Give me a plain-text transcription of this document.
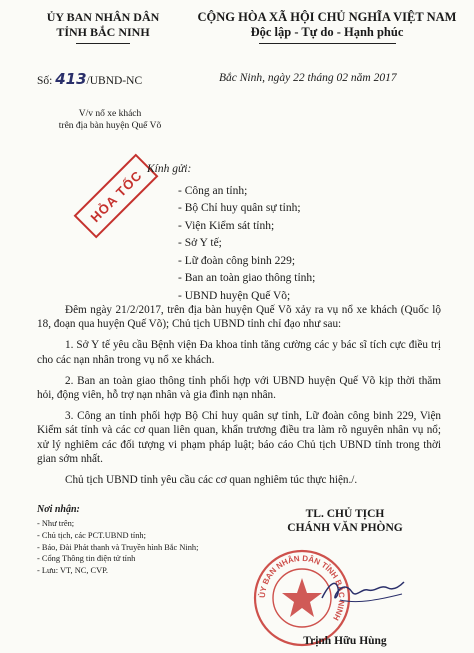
ỦY BAN NHÂN DÂN
TỈNH BẮC NINH
CỘNG HÒA XÃ HỘI CHỦ NGHĨA VIỆT NAM
Độc lập - Tự do - Hạnh phúc
Số: 413/UBND-NC	Bắc Ninh, ngày 22 tháng 02 năm 2017
V/v nổ xe khách
trên địa bàn huyện Quế Võ
HỎA TỐC Kính gửi:
- Công an tỉnh;
- Bộ Chỉ huy quân sự tỉnh;
- Viện Kiểm sát tỉnh;
- Sở Y tế;
- Lữ đoàn công binh 229;
- Ban an toàn giao thông tỉnh;
- UBND huyện Quế Võ;

Đêm ngày 21/2/2017, trên địa bàn huyện Quế Võ xảy ra vụ nổ xe khách (Quốc lộ 18, đoạn qua huyện Quế Võ); Chủ tịch UBND tỉnh chỉ đạo như sau:

1. Sở Y tế yêu cầu Bệnh viện Đa khoa tỉnh tăng cường các y bác sĩ tích cực điều trị cho các nạn nhân trong vụ nổ xe khách.

2. Ban an toàn giao thông tỉnh phối hợp với UBND huyện Quế Võ kịp thời thăm hỏi, động viên, hỗ trợ nạn nhân và gia đình nạn nhân.

3. Công an tỉnh phối hợp Bộ Chỉ huy quân sự tỉnh, Lữ đoàn công binh 229, Viện Kiểm sát tỉnh và các cơ quan liên quan, khẩn trương điều tra làm rõ nguyên nhân vụ nổ; xử lý nghiêm các đối tượng vi phạm pháp luật; báo cáo Chủ tịch UBND tỉnh trong thời gian sớm nhất.

Chủ tịch UBND tỉnh yêu cầu các cơ quan nghiêm túc thực hiện./.

Nơi nhận:
- Như trên;
- Chủ tịch, các PCT.UBND tỉnh;
- Báo, Đài Phát thanh và Truyền hình Bắc Ninh;
- Cổng Thông tin điện tử tỉnh
- Lưu: VT, NC, CVP.
TL. CHỦ TỊCH
CHÁNH VĂN PHÒNG
ỦY BAN NHÂN DÂN TỈNH BẮC NINH
Trịnh Hữu Hùng
